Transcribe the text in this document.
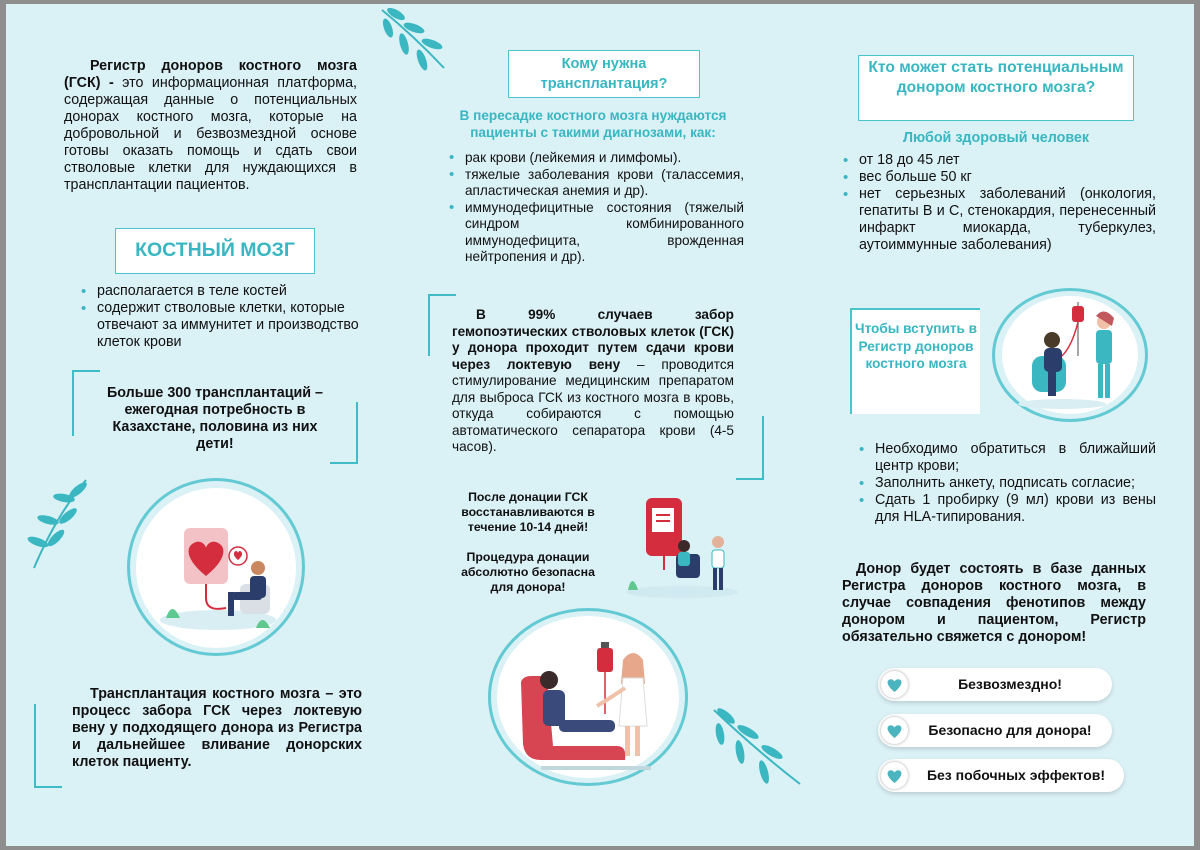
Регистр доноров костного мозга (ГСК) - это информационная платформа, содержащая данные о потенциальных донорах костного мозга, которые на добровольной и безвозмездной основе готовы оказать помощь и сдать свои стволовые клетки для нуждающихся в трансплантации пациентов.
КОСТНЫЙ МОЗГ
• располагается в теле костей
• содержит стволовые клетки, которые отвечают за иммунитет и производство клеток крови
Больше 300 трансплантаций – ежегодная потребность в Казахстане, половина из них дети!
Трансплантация костного мозга – это процесс забора ГСК через локтевую вену у подходящего донора из Регистра и дальнейшее вливание донорских клеток пациенту.
Кому нужна трансплантация?
В пересадке костного мозга нуждаются пациенты с такими диагнозами, как:
• рак крови (лейкемия и лимфомы).
• тяжелые заболевания крови (талассемия, апластическая анемия и др).
• иммунодефицитные состояния (тяжелый синдром комбинированного иммунодефицита, врожденная нейтропения и др).
В 99% случаев забор гемопоэтических стволовых клеток (ГСК) у донора проходит путем сдачи крови через локтевую вену – проводится стимулирование медицинским препаратом для выброса ГСК из костного мозга в кровь, откуда собираются с помощью автоматического сепаратора крови (4-5 часов).
После донации ГСК восстанавливаются в течение 10-14 дней!
Процедура донации абсолютно безопасна для донора!
Кто может стать потенциальным донором костного мозга?
Любой здоровый человек
• от 18 до 45 лет
• вес больше 50 кг
• нет серьезных заболеваний (онкология, гепатиты В и С, стенокардия, перенесенный инфаркт миокарда, туберкулез, аутоиммунные заболевания)
Чтобы вступить в Регистр доноров костного мозга
• Необходимо обратиться в ближайший центр крови;
• Заполнить анкету, подписать согласие;
• Сдать 1 пробирку (9 мл) крови из вены для HLA-типирования.
Донор будет состоять в базе данных Регистра доноров костного мозга, в случае совпадения фенотипов между донором и пациентом, Регистр обязательно свяжется с донором!
Безвозмездно!
Безопасно для донора!
Без побочных эффектов!
